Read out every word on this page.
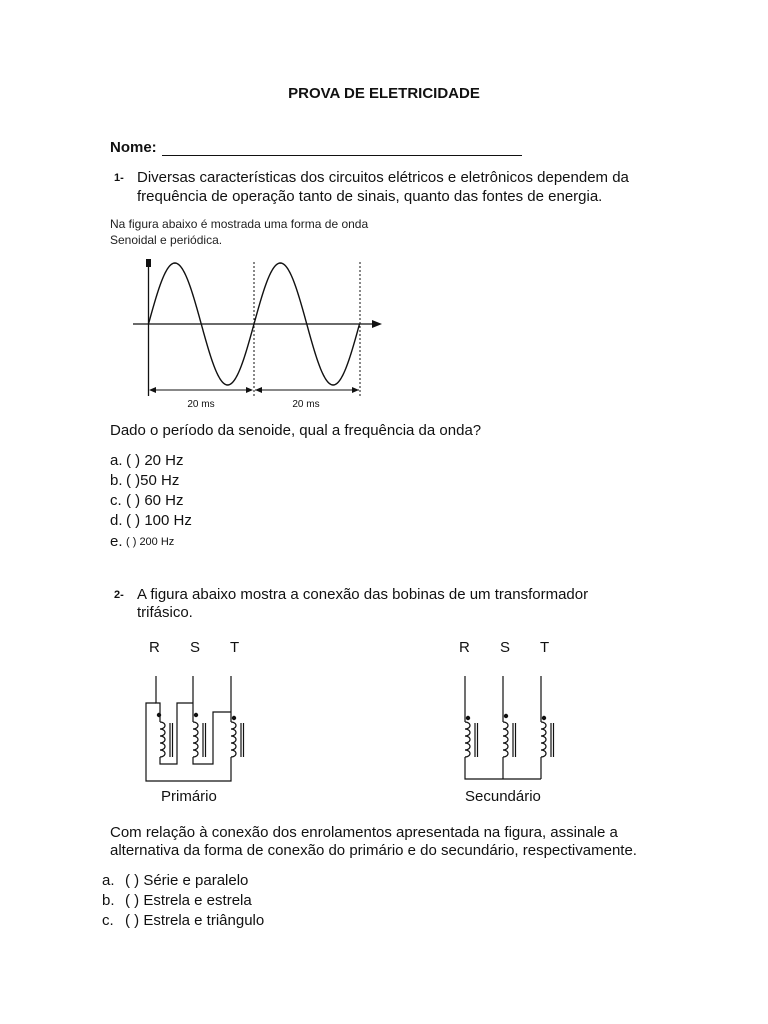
PROVA DE ELETRICIDADE
Nome:
1- Diversas características dos circuitos elétricos e eletrônicos dependem da
frequência de operação tanto de sinais, quanto das fontes de energia.
Na figura abaixo é mostrada uma forma de onda
Senoidal e periódica.
20 ms	20 ms
Dado o período da senoide, qual a frequência da onda?
a. ( ) 20 Hz
b. ( )50 Hz
c. ( ) 60 Hz
d. ( ) 100 Hz
e. ( ) 200 Hz
2- A figura abaixo mostra a conexão das bobinas de um transformador
trifásico.
R S T	R S T
Primário	Secundário
Com relação à conexão dos enrolamentos apresentada na figura, assinale a
alternativa da forma de conexão do primário e do secundário, respectivamente.
a. ( ) Série e paralelo
b. ( ) Estrela e estrela
c. ( ) Estrela e triângulo
